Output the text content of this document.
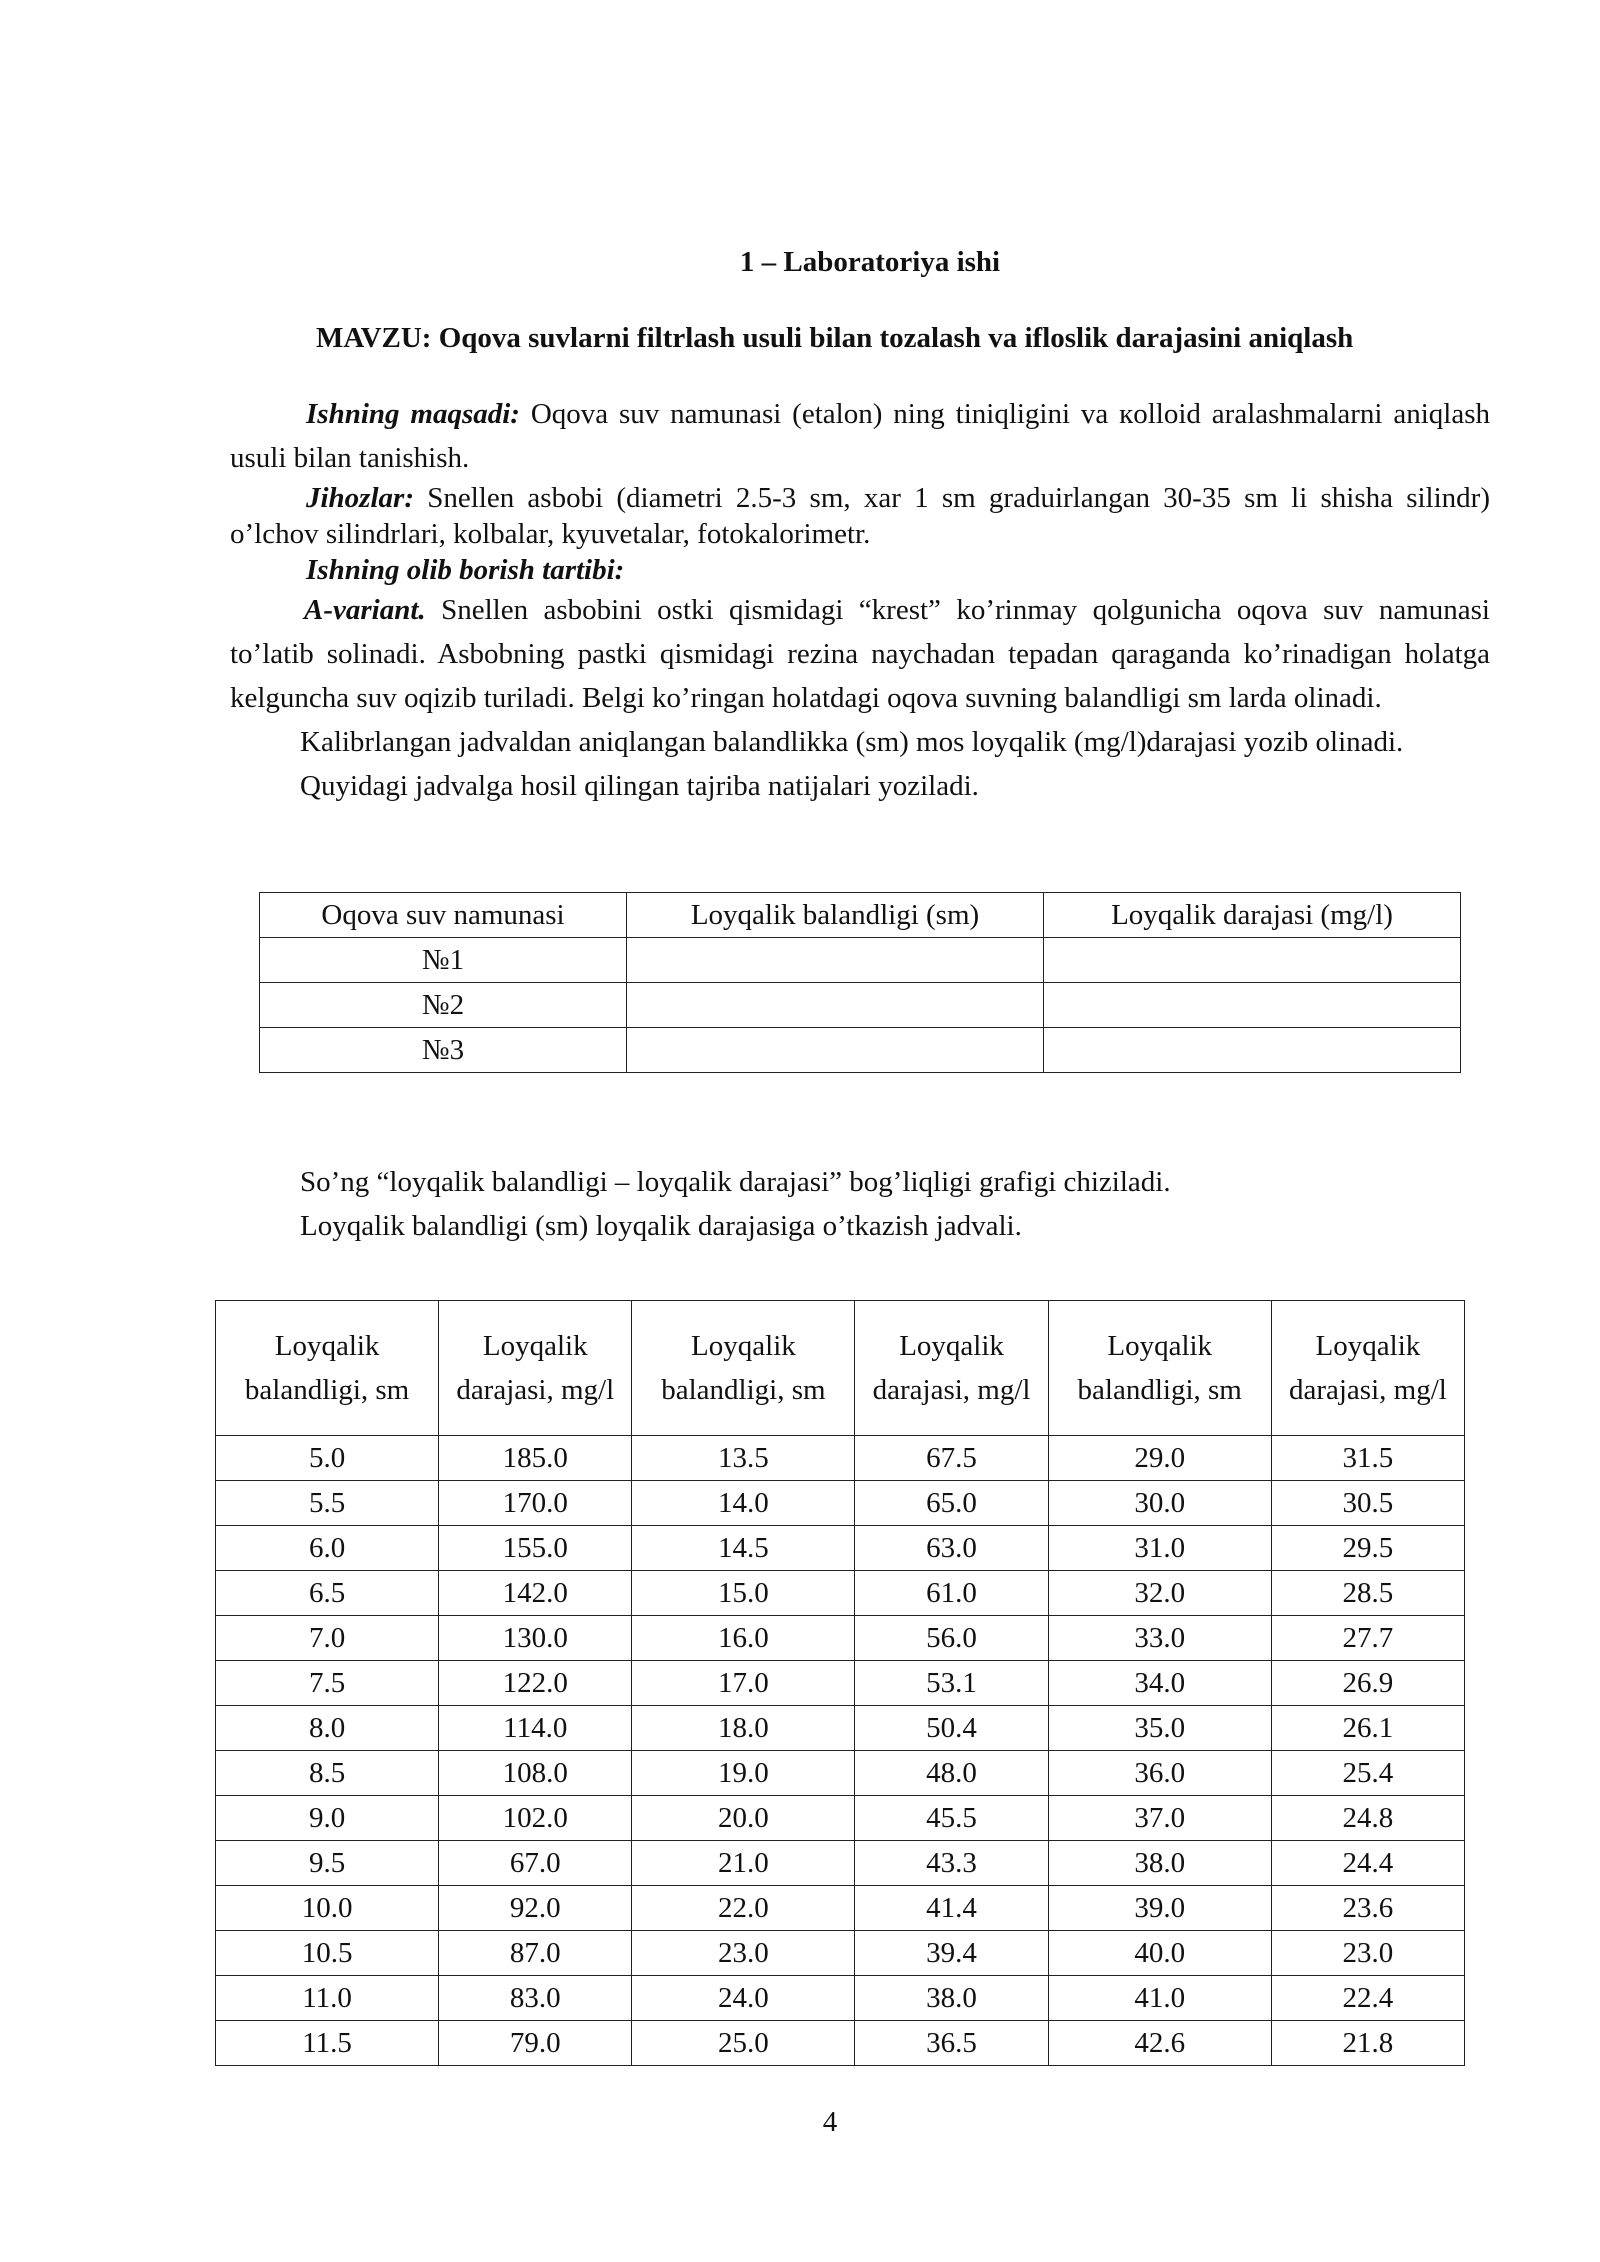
1 – Laboratoriya ishi
MAVZU: Oqova suvlarni filtrlash usuli bilan tozalash va ifloslik darajasini aniqlash
Ishning maqsadi: Oqova suv namunasi (etalon) ning tiniqligini va кolloid aralashmalarni aniqlash usuli bilan tanishish.
Jihozlar: Snellen asbobi (diametri 2.5-3 sm, xar 1 sm graduirlangan 30-35 sm li shisha silindr) o’lchov silindrlari, kolbalar, kyuvetalar, fotokalorimetr.
Ishning olib borish tartibi:
A-variant. Snellen asbobini ostki qismidagi “krest” ko’rinmay qolgunicha oqova suv namunasi to’latib solinadi. Asbobning pastki qismidagi rezina naychadan tepadan qaraganda ko’rinadigan holatga kelguncha suv oqizib turiladi. Belgi ko’ringan holatdagi oqova suvning balandligi sm larda olinadi.
Kalibrlangan jadvaldan aniqlangan balandlikka (sm) mos loyqalik (mg/l)darajasi yozib olinadi.
Quyidagi jadvalga hosil qilingan tajriba natijalari yoziladi.
Oqova suv namunasi	Loyqalik balandligi (sm)	Loyqalik darajasi (mg/l)
№1		
№2		
№3		
So’ng “loyqalik balandligi – loyqalik darajasi” bog’liqligi grafigi chiziladi.
Loyqalik balandligi (sm) loyqalik darajasiga o’tkazish jadvali.
Loyqalik balandligi, sm	Loyqalik darajasi, mg/l	Loyqalik balandligi, sm	Loyqalik darajasi, mg/l	Loyqalik balandligi, sm	Loyqalik darajasi, mg/l
5.0	185.0	13.5	67.5	29.0	31.5
5.5	170.0	14.0	65.0	30.0	30.5
6.0	155.0	14.5	63.0	31.0	29.5
6.5	142.0	15.0	61.0	32.0	28.5
7.0	130.0	16.0	56.0	33.0	27.7
7.5	122.0	17.0	53.1	34.0	26.9
8.0	114.0	18.0	50.4	35.0	26.1
8.5	108.0	19.0	48.0	36.0	25.4
9.0	102.0	20.0	45.5	37.0	24.8
9.5	67.0	21.0	43.3	38.0	24.4
10.0	92.0	22.0	41.4	39.0	23.6
10.5	87.0	23.0	39.4	40.0	23.0
11.0	83.0	24.0	38.0	41.0	22.4
11.5	79.0	25.0	36.5	42.6	21.8
4
